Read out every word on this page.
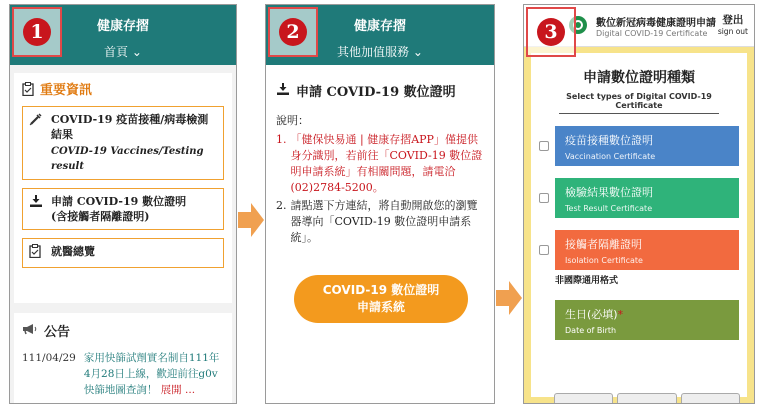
健康存摺
首頁 ⌄
重要資訊
COVID-19 疫苗接種/病毒檢測結果
COVID-19 Vaccines/Testing result
申請 COVID-19 數位證明
(含接觸者隔離證明)
就醫總覽
公告
111/04/29 家用快篩試劑實名制自111年4月28日上線，歡迎前往g0v快篩地圖查詢！ 展開 ...
1	健康存摺
其他加值服務 ⌄
申請 COVID-19 數位證明
說明：
1. 「健保快易通 | 健康存摺APP」僅提供身分識別，若前往「COVID-19 數位證明申請系統」有相關問題，請電洽(02)2784-5200。
2. 請點選下方連結，將自動開啟您的瀏覽器導向「COVID-19 數位證明申請系統」。
COVID-19 數位證明
申請系統
2	數位新冠病毒健康證明申請
Digital COVID-19 Certificate
登出
sign out
申請數位證明種類
Select types of Digital COVID-19 Certificate
疫苗接種數位證明
Vaccination Certificate
檢驗結果數位證明
Test Result Certificate
接觸者隔離證明
Isolation Certificate
非國際通用格式
生日(必填)*
Date of Birth
3
